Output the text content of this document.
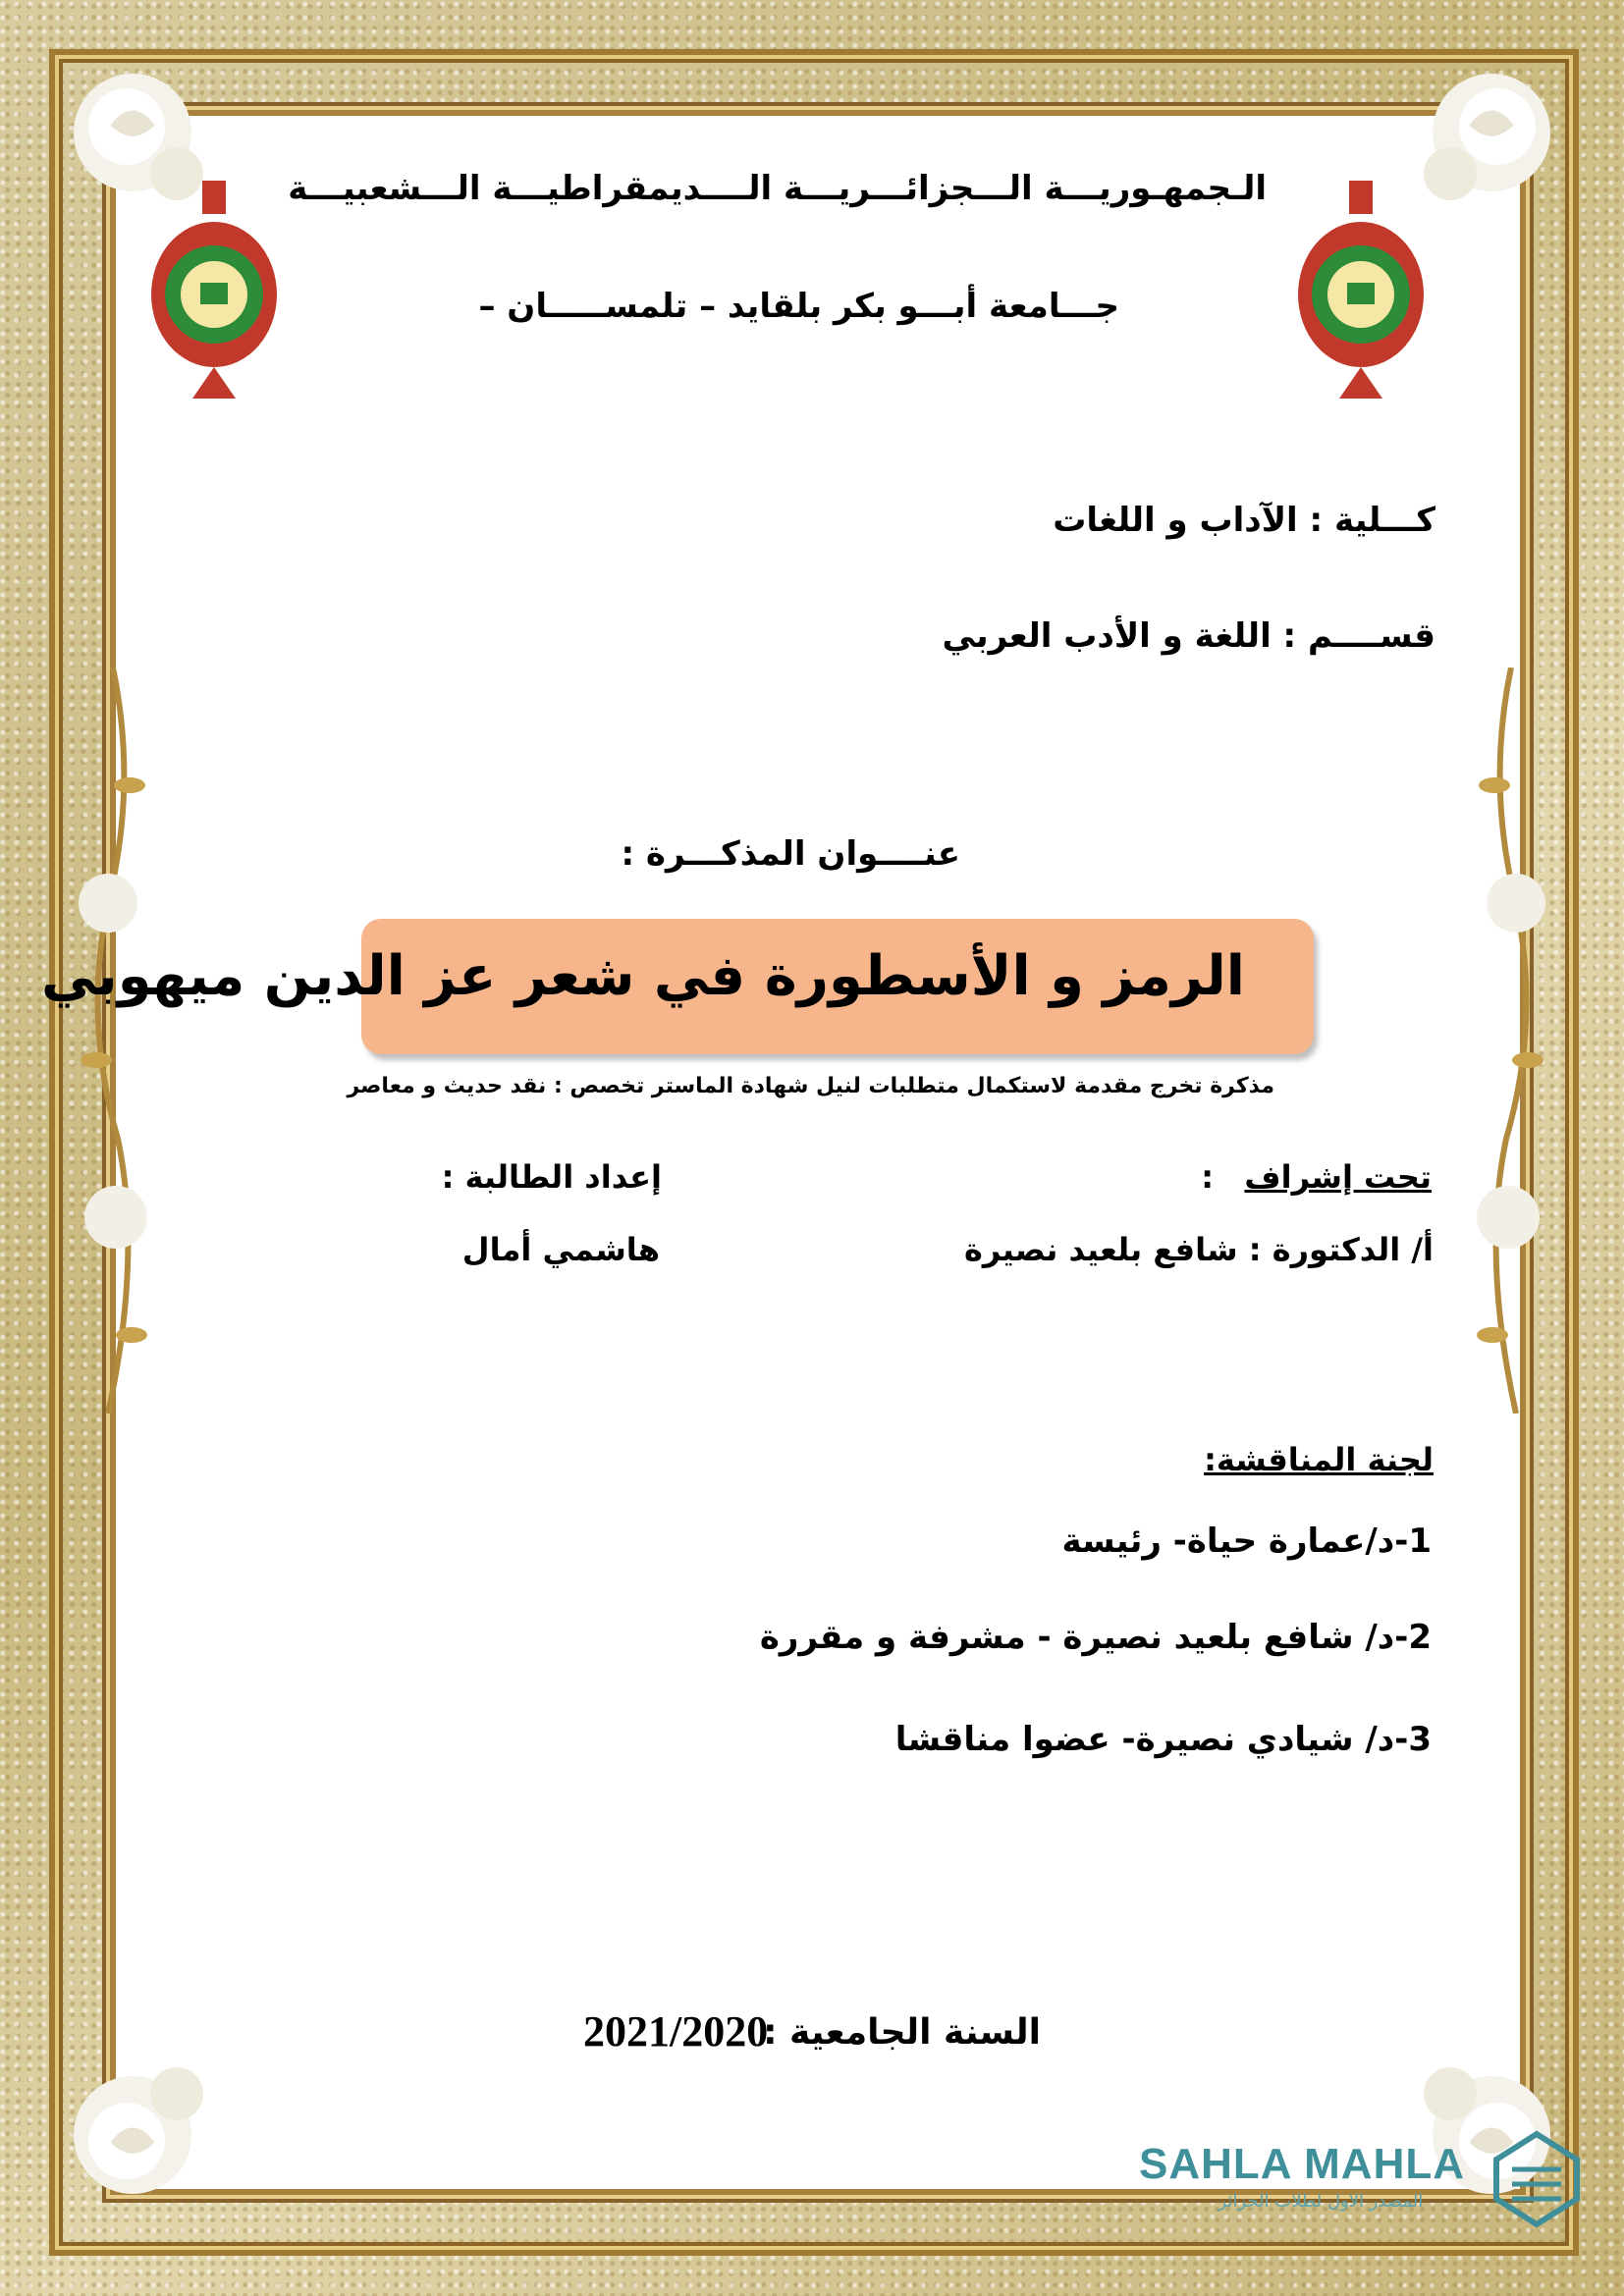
الـجمهـوريـــة الـــجزائـــريـــة الــــديمقراطيـــة الـــشعبيـــة
جـــامعة أبـــو بكر بلقايد – تلمســـــان –
كـــلية : الآداب و اللغات
قســــم : اللغة و الأدب العربي
عنــــوان المذكـــرة :
الرمز و الأسطورة في شعر عز الدين ميهوبي
مذكرة تخرج مقدمة لاستكمال متطلبات لنيل شهادة الماستر تخصص : نقد حديث و معاصر
تحت إشراف
:
إعداد الطالبة :
أ/ الدكتورة : شافع بلعيد نصيرة
هاشمي أمال
لجنة المناقشة:
1-د/عمارة حياة- رئيسة
2-د/ شافع بلعيد نصيرة - مشرفة و مقررة
3-د/ شيادي نصيرة- عضوا مناقشا
السنة الجامعية :
2021/2020
SAHLA MAHLA
المصدر الاول لطلاب الجزائر
